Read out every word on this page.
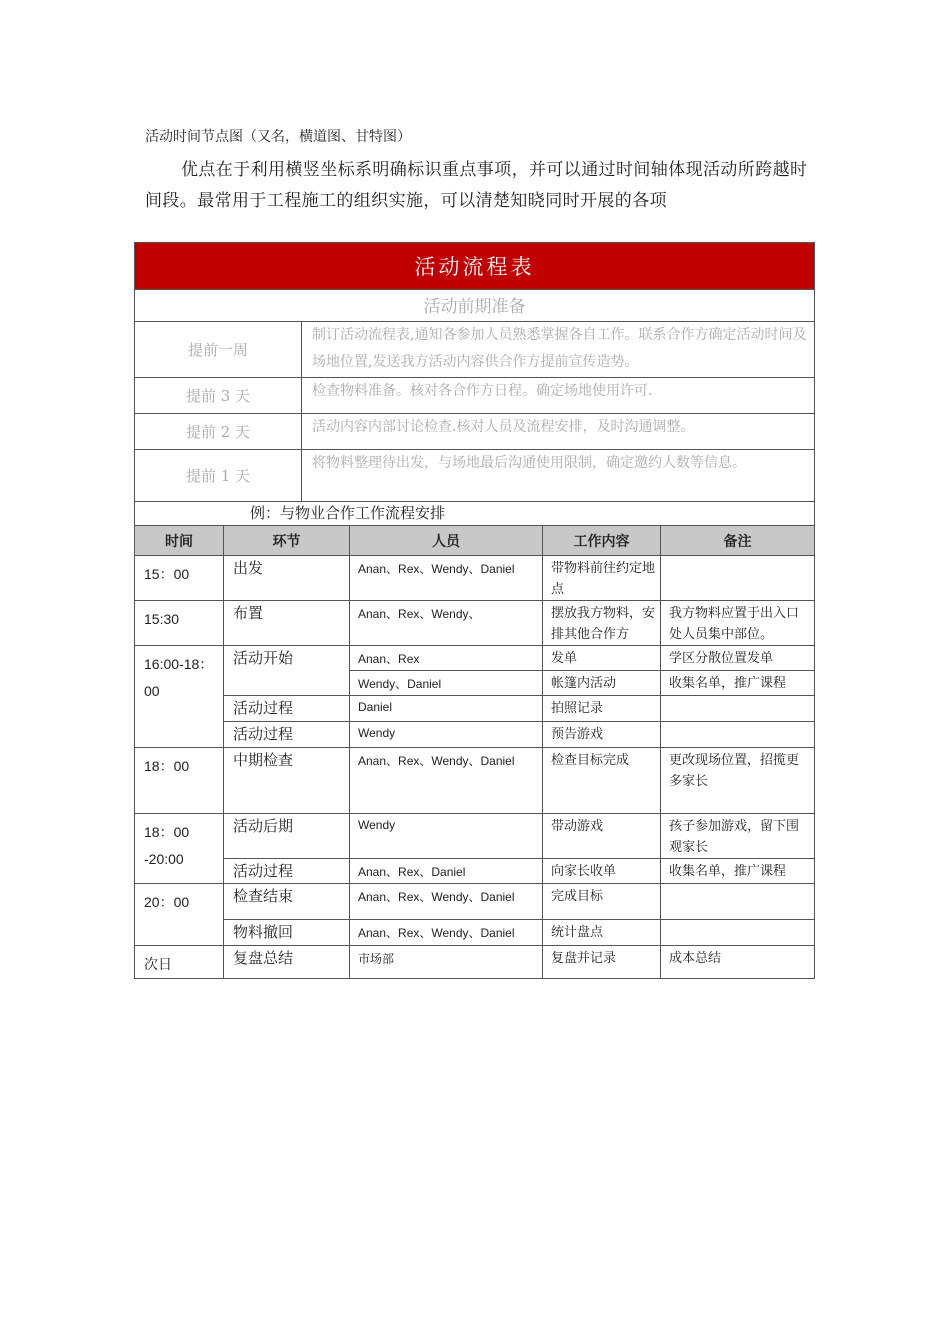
活动时间节点图（又名，横道图、甘特图）
优点在于利用横竖坐标系明确标识重点事项，并可以通过时间轴体现活动所跨越时间段。最常用于工程施工的组织实施，可以清楚知晓同时开展的各项
活动流程表	
活动前期准备	
提前一周	制订活动流程表,通知各参加人员熟悉掌握各自工作。联系合作方确定活动时间及场地位置,发送我方活动内容供合作方提前宣传造势。
提前 3 天	检查物料准备。核对各合作方日程。确定场地使用许可.
提前 2 天	活动内容内部讨论检查.核对人员及流程安排，及时沟通调整。
提前 1 天	将物料整理待出发，与场地最后沟通使用限制，确定邀约人数等信息。
例：与物业合作工作流程安排	
时间	环节	人员	工作内容	备注
15：00	出发	Anan、Rex、Wendy、Daniel	带物料前往约定地点	
15:30	布置	Anan、Rex、Wendy、	摆放我方物料，安排其他合作方	我方物料应置于出入口处人员集中部位。
16:00-18：00	活动开始	Anan、Rex	发单	学区分散位置发单
		Wendy、Daniel	帐篷内活动	收集名单，推广课程
	活动过程	Daniel	拍照记录	
	活动过程	Wendy	预告游戏	
18：00	中期检查	Anan、Rex、Wendy、Daniel	检查目标完成	更改现场位置，招揽更多家长
18：00 -20:00	活动后期	Wendy	带动游戏	孩子参加游戏，留下围观家长
	活动过程	Anan、Rex、Daniel	向家长收单	收集名单，推广课程
20：00	检查结束	Anan、Rex、Wendy、Daniel	完成目标	
	物料撤回	Anan、Rex、Wendy、Daniel	统计盘点	
次日	复盘总结	市场部	复盘并记录	成本总结
